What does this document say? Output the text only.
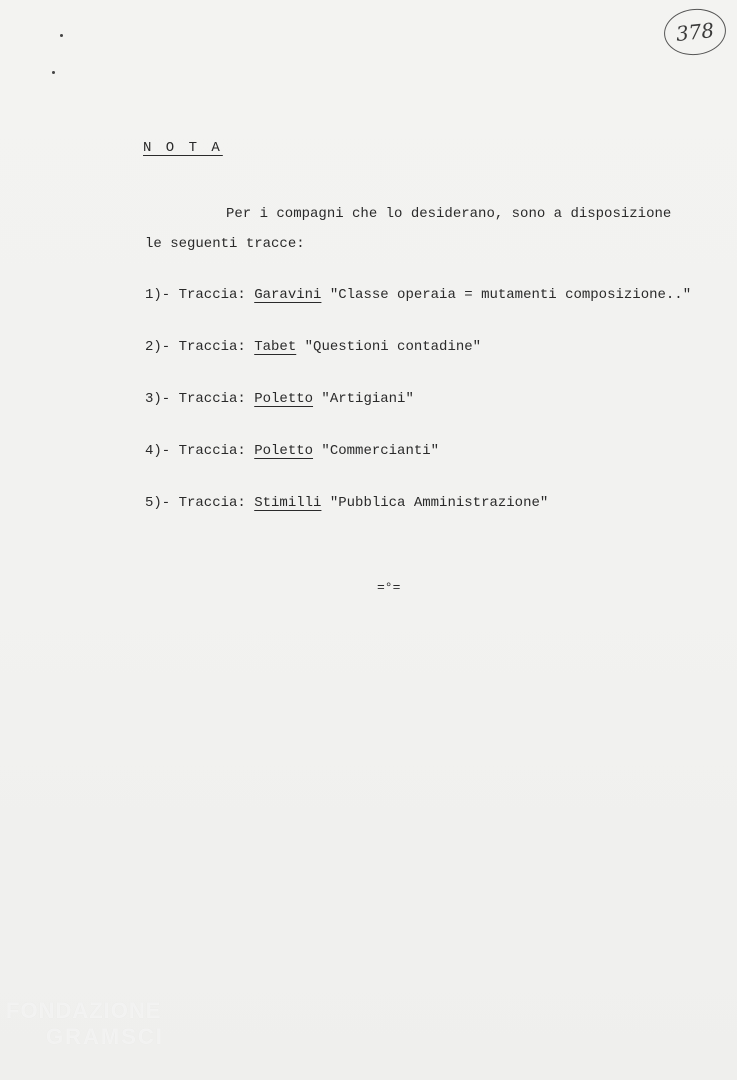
378
N O T A
Per i compagni che lo desiderano, sono a disposizione
le seguenti tracce:
1)- Traccia: Garavini "Classe operaia = mutamenti composizione.."
2)- Traccia: Tabet "Questioni contadine"
3)- Traccia: Poletto "Artigiani"
4)- Traccia: Poletto "Commercianti"
5)- Traccia: Stimilli "Pubblica Amministrazione"
=°=
FONDAZIONE
GRAMSCI
